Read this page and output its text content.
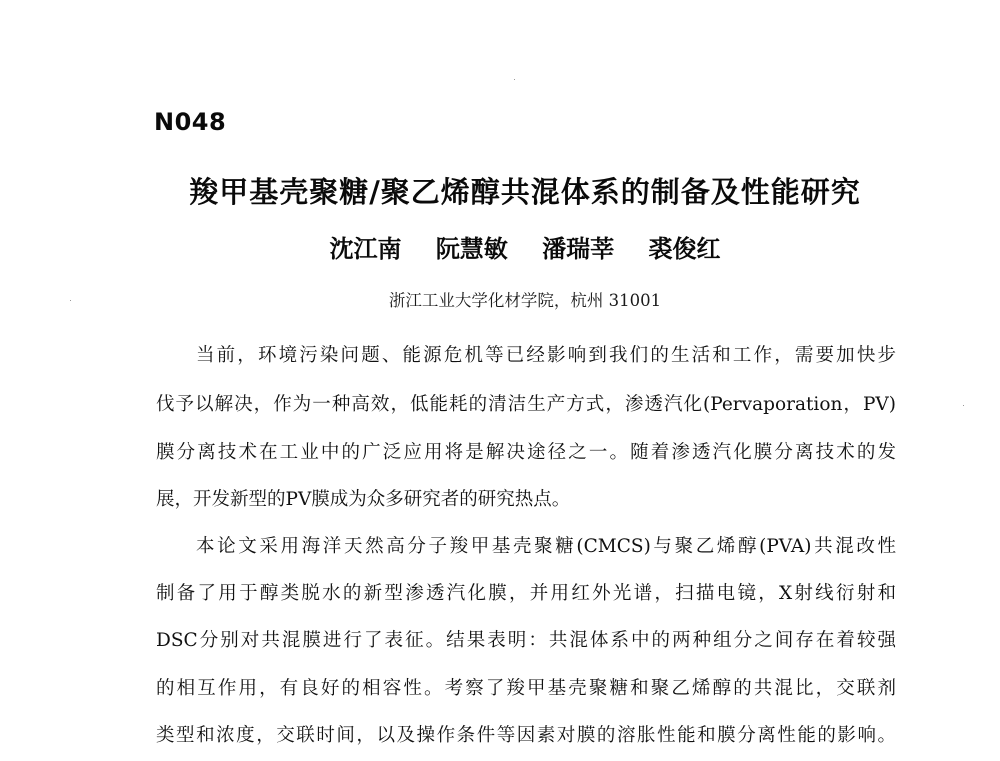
N048
羧甲基壳聚糖/聚乙烯醇共混体系的制备及性能研究
沈江南 阮慧敏 潘瑞莘 裘俊红
浙江工业大学化材学院，杭州 31001
当前，环境污染问题、能源危机等已经影响到我们的生活和工作，需要加快步
伐予以解决，作为一种高效，低能耗的清洁生产方式，渗透汽化(Pervaporation，PV)
膜分离技术在工业中的广泛应用将是解决途径之一。随着渗透汽化膜分离技术的发
展，开发新型的PV膜成为众多研究者的研究热点。
本论文采用海洋天然高分子羧甲基壳聚糖(CMCS)与聚乙烯醇(PVA)共混改性
制备了用于醇类脱水的新型渗透汽化膜，并用红外光谱，扫描电镜，X射线衍射和
DSC分别对共混膜进行了表征。结果表明：共混体系中的两种组分之间存在着较强
的相互作用，有良好的相容性。考察了羧甲基壳聚糖和聚乙烯醇的共混比，交联剂
类型和浓度，交联时间，以及操作条件等因素对膜的溶胀性能和膜分离性能的影响。
